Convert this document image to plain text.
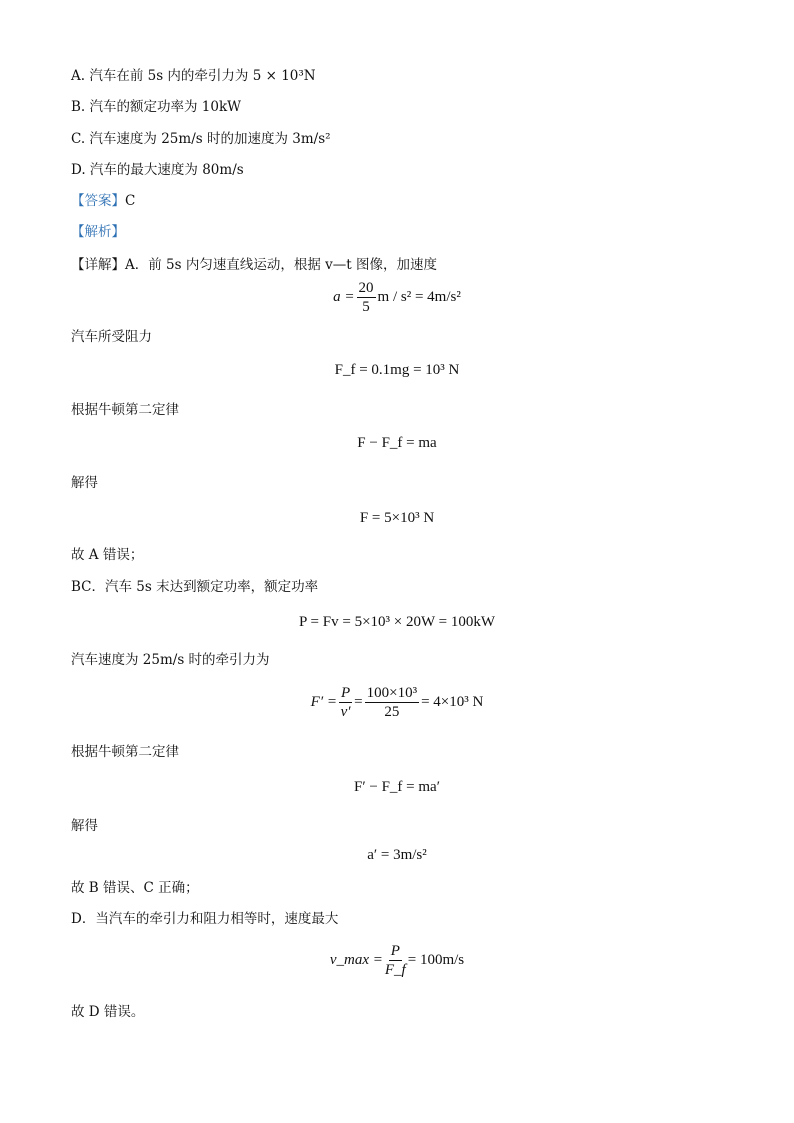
A. 汽车在前 5s 内的牵引力为 5 × 10³N
B. 汽车的额定功率为 10kW
C. 汽车速度为 25m/s 时的加速度为 3m/s²
D. 汽车的最大速度为 80m/s
【答案】C
【解析】
【详解】A．前 5s 内匀速直线运动，根据 v—t 图像，加速度
$a = \frac{20}{5}$ m / s² = 4m/s²
汽车所受阻力
F_f = 0.1mg = 10³ N
根据牛顿第二定律
F − F_f = ma
解得
F = 5×10³ N
故 A 错误；
BC．汽车 5s 末达到额定功率，额定功率
P = Fv = 5×10³ × 20W = 100kW
汽车速度为 25m/s 时的牵引力为
$F' = \frac{P}{v'} = \frac{\text{100×10³}}{25} = 4\times 10^3$ N
根据牛顿第二定律
F′ − F_f = ma′
解得
a′ = 3m/s²
故 B 错误、C 正确；
D．当汽车的牵引力和阻力相等时，速度最大
v_max = $\frac{P}{F\_f} = 100m/s$
故 D 错误。
